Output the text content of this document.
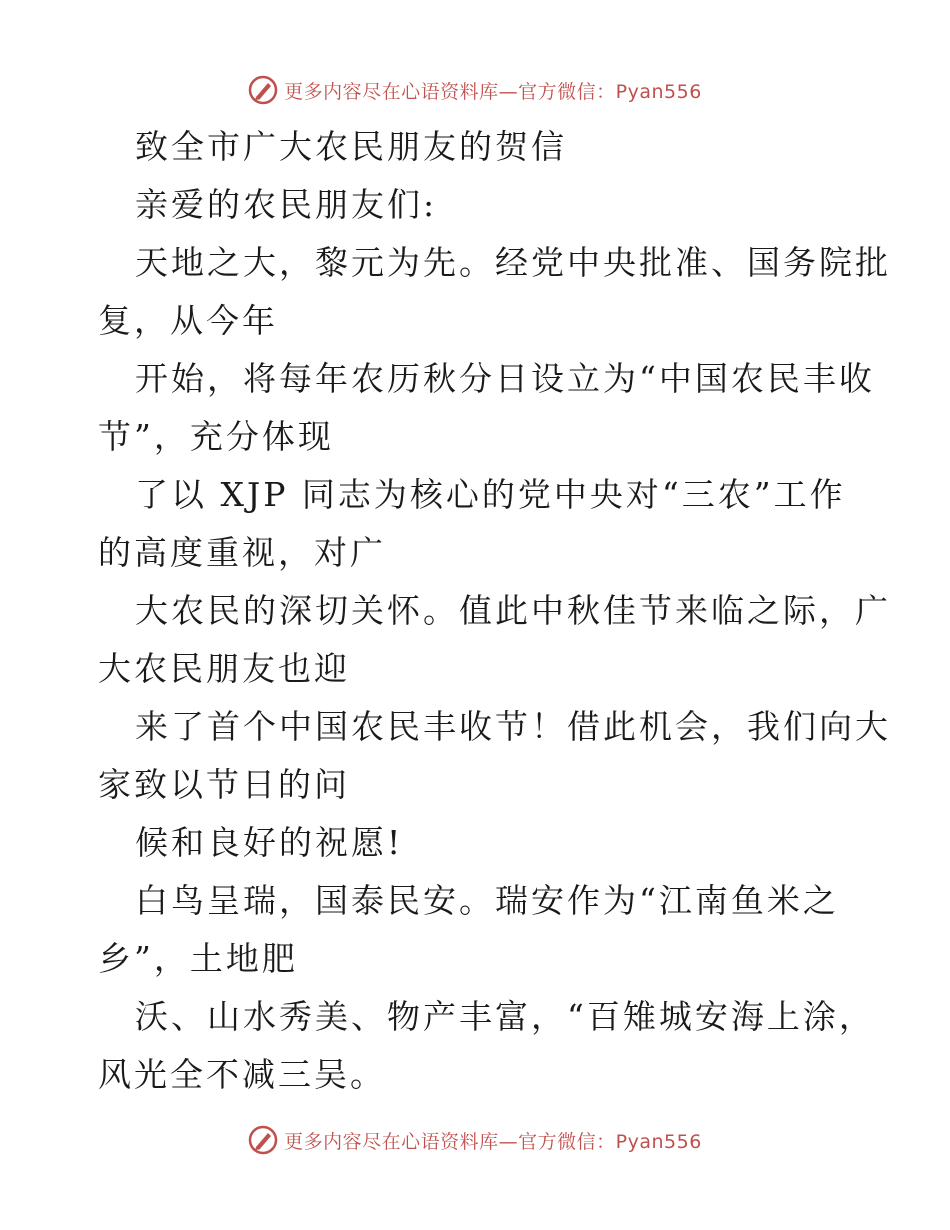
更多内容尽在心语资料库—官方微信：Pyan556
致全市广大农民朋友的贺信
亲爱的农民朋友们:
天地之大，黎元为先。经党中央批准、国务院批
复，从今年
开始，将每年农历秋分日设立为“中国农民丰收
节”，充分体现
了以 XJP 同志为核心的党中央对“三农”工作
的高度重视，对广
大农民的深切关怀。值此中秋佳节来临之际，广
大农民朋友也迎
来了首个中国农民丰收节！借此机会，我们向大
家致以节日的问
候和良好的祝愿!
白鸟呈瑞，国泰民安。瑞安作为“江南鱼米之
乡”，土地肥
沃、山水秀美、物产丰富，“百雉城安海上涂，
风光全不减三吴。
更多内容尽在心语资料库—官方微信：Pyan556
